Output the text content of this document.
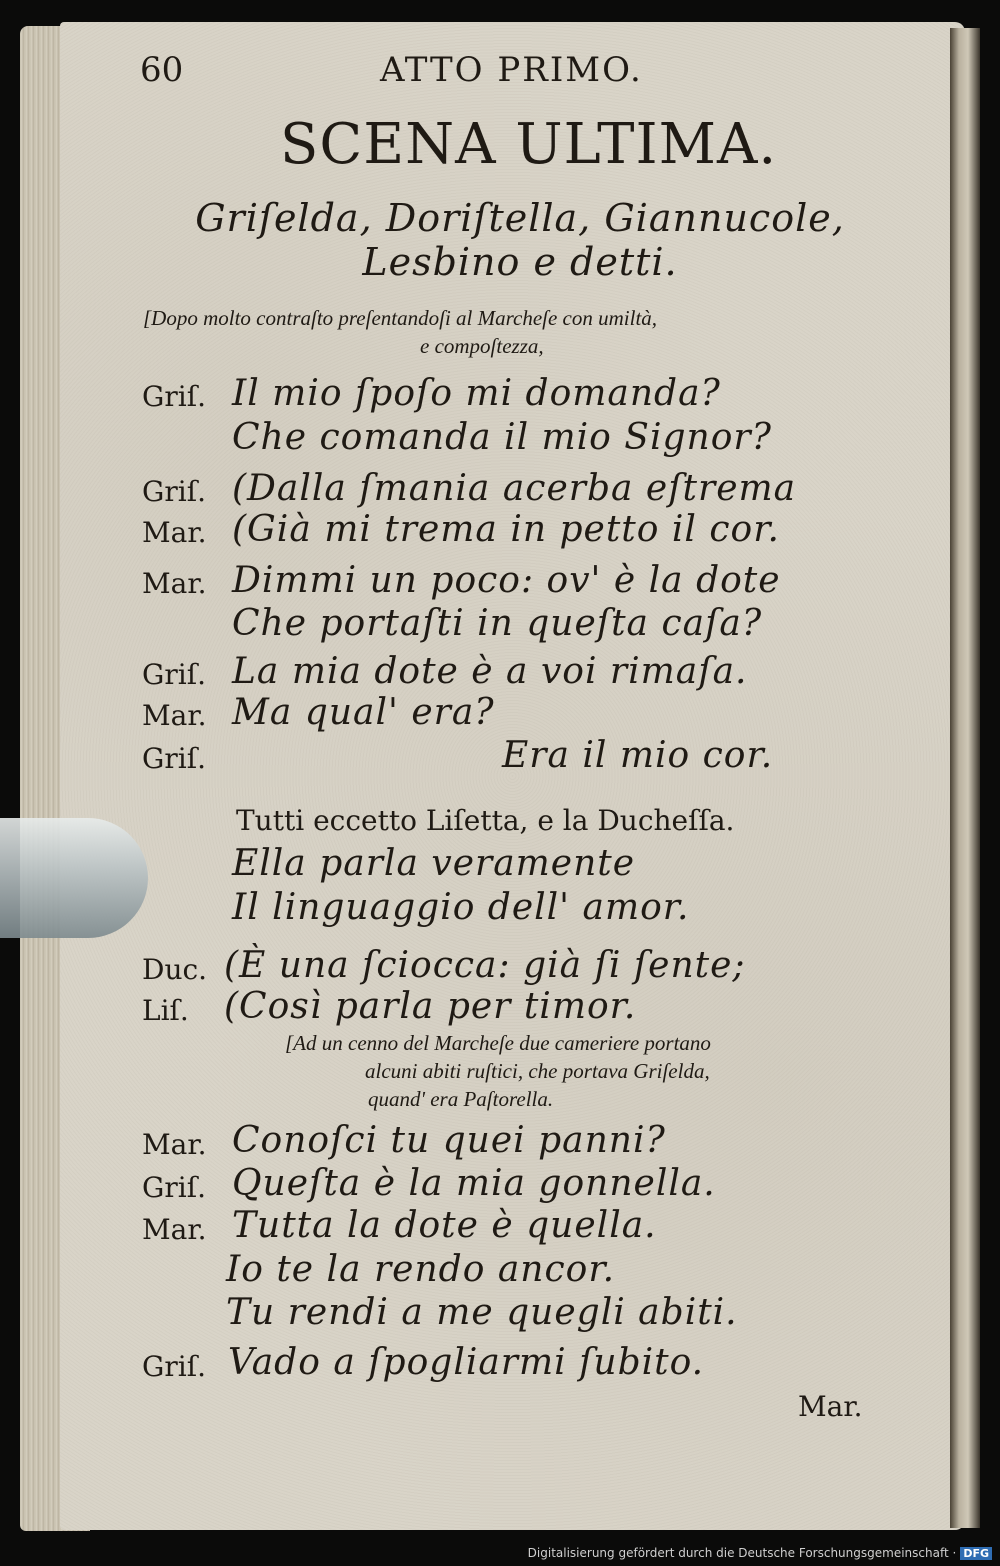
60	ATTO PRIMO.
SCENA ULTIMA.
Griſelda, Doriſtella, Giannucole,
Lesbino e detti.
[Dopo molto contraſto preſentandoſi al Marcheſe con umiltà,
e compoſtezza,
Griſ. Il mio ſpoſo mi domanda?
Che comanda il mio Signor?
Griſ. (Dalla ſmania acerba eſtrema
Mar. (Già mi trema in petto il cor.
Mar. Dimmi un poco: ov' è la dote
Che portaſti in queſta caſa?
Griſ. La mia dote è a voi rimaſa.
Mar. Ma qual' era?
Griſ.	Era il mio cor.
Tutti eccetto Liſetta, e la Ducheſſa.
Ella parla veramente
Il linguaggio dell' amor.
Duc. (È una ſciocca: già ſi ſente;
Liſ. (Così parla per timor.
[Ad un cenno del Marcheſe due cameriere portano
alcuni abiti ruſtici, che portava Griſelda,
quand' era Paſtorella.
Mar. Conoſci tu quei panni?
Griſ. Queſta è la mia gonnella.
Mar. Tutta la dote è quella.
Io te la rendo ancor.
Tu rendi a me quegli abiti.
Griſ. Vado a ſpogliarmi ſubito.
Mar.
Digitalisierung gefördert durch die Deutsche Forschungsgemeinschaft · DFG
